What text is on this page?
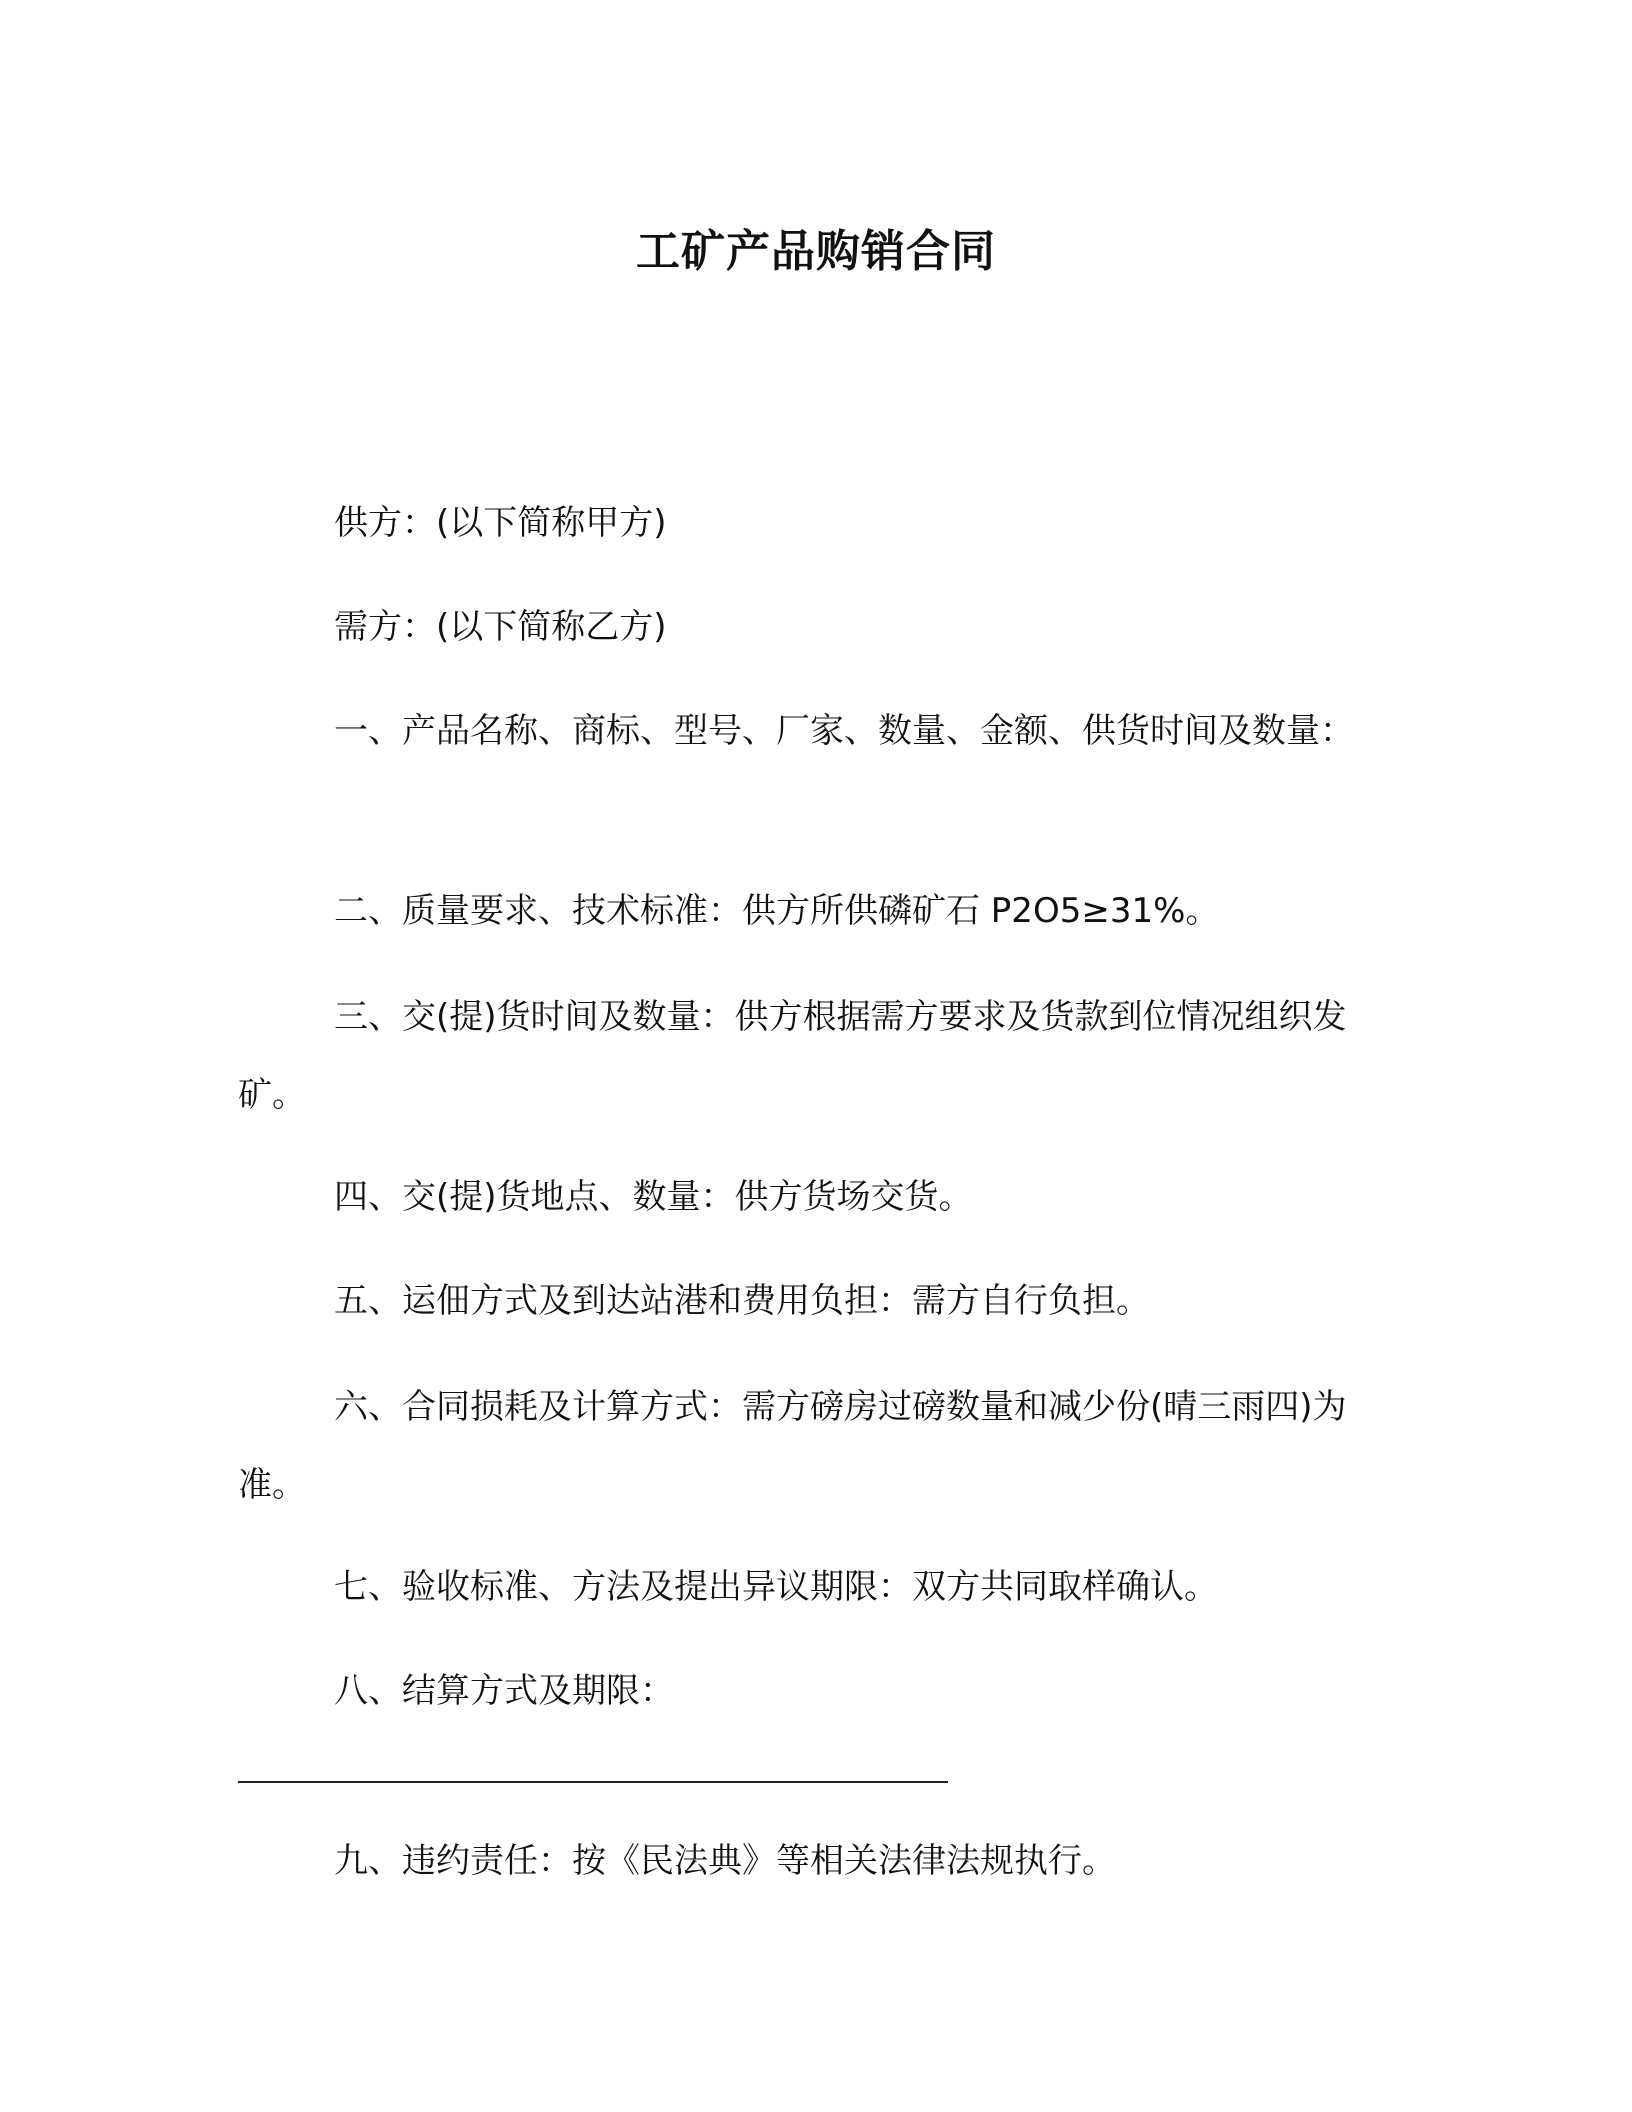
工矿产品购销合同

供方：(以下简称甲方)

需方：(以下简称乙方)

一、产品名称、商标、型号、厂家、数量、金额、供货时间及数量：

二、质量要求、技术标准：供方所供磷矿石 P2O5≥31%。

三、交(提)货时间及数量：供方根据需方要求及货款到位情况组织发矿。

四、交(提)货地点、数量：供方货场交货。

五、运佃方式及到达站港和费用负担：需方自行负担。

六、合同损耗及计算方式：需方磅房过磅数量和减少份(晴三雨四)为准。

七、验收标准、方法及提出异议期限：双方共同取样确认。

八、结算方式及期限：

九、违约责任：按《民法典》等相关法律法规执行。
